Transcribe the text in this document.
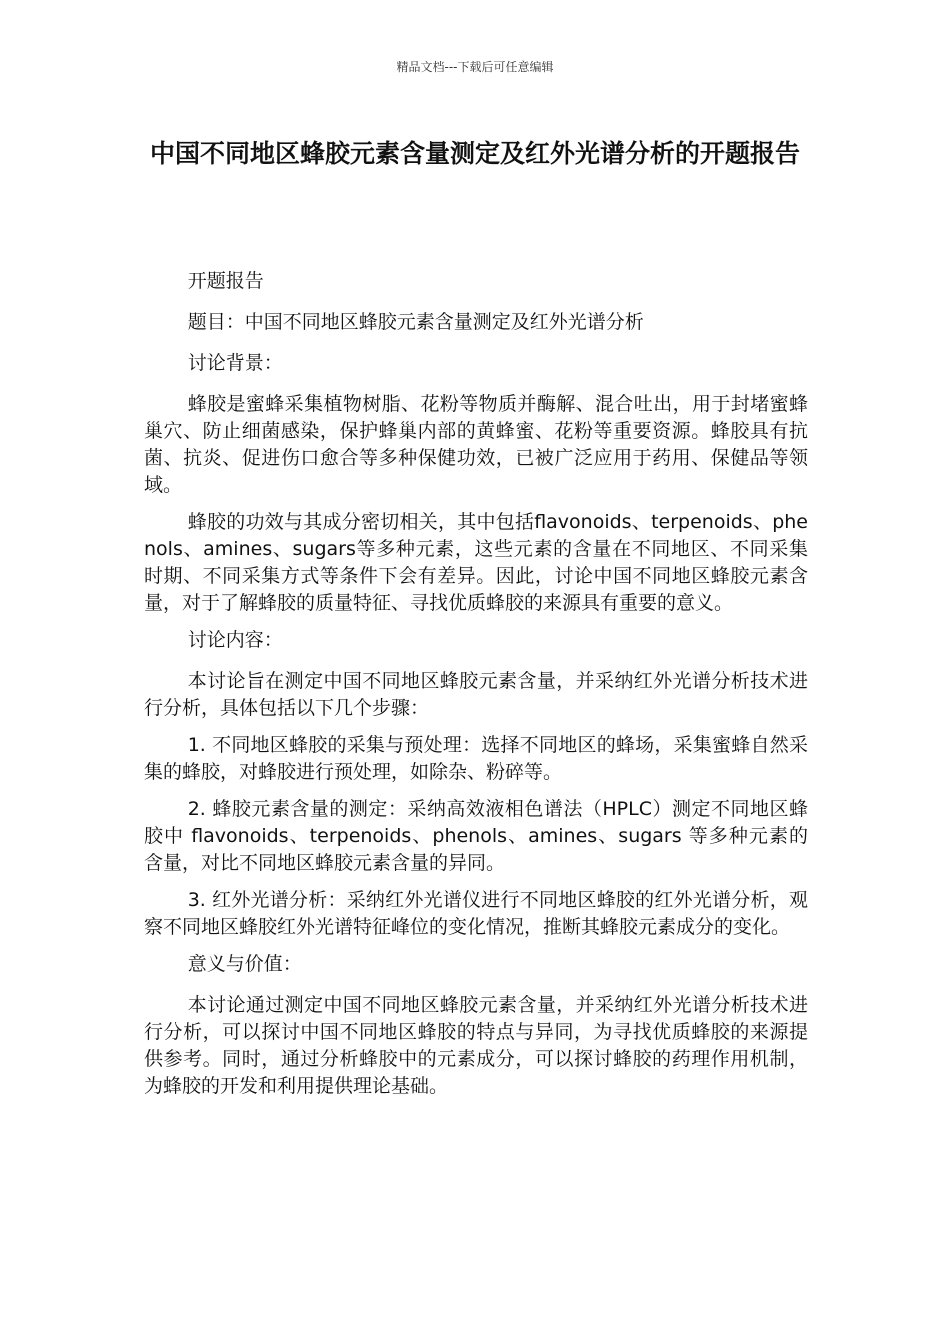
精品文档---下载后可任意编辑
中国不同地区蜂胶元素含量测定及红外光谱分析的开题报告

开题报告

题目：中国不同地区蜂胶元素含量测定及红外光谱分析

讨论背景：

蜂胶是蜜蜂采集植物树脂、花粉等物质并酶解、混合吐出，用于封堵蜜蜂巢穴、防止细菌感染，保护蜂巢内部的黄蜂蜜、花粉等重要资源。蜂胶具有抗菌、抗炎、促进伤口愈合等多种保健功效，已被广泛应用于药用、保健品等领域。

蜂胶的功效与其成分密切相关，其中包括flavonoids、terpenoids、phenols、amines、sugars等多种元素，这些元素的含量在不同地区、不同采集时期、不同采集方式等条件下会有差异。因此，讨论中国不同地区蜂胶元素含量，对于了解蜂胶的质量特征、寻找优质蜂胶的来源具有重要的意义。

讨论内容：

本讨论旨在测定中国不同地区蜂胶元素含量，并采纳红外光谱分析技术进行分析，具体包括以下几个步骤：

1. 不同地区蜂胶的采集与预处理：选择不同地区的蜂场，采集蜜蜂自然采集的蜂胶，对蜂胶进行预处理，如除杂、粉碎等。

2. 蜂胶元素含量的测定：采纳高效液相色谱法（HPLC）测定不同地区蜂胶中 flavonoids、terpenoids、phenols、amines、sugars 等多种元素的含量，对比不同地区蜂胶元素含量的异同。

3. 红外光谱分析：采纳红外光谱仪进行不同地区蜂胶的红外光谱分析，观察不同地区蜂胶红外光谱特征峰位的变化情况，推断其蜂胶元素成分的变化。

意义与价值：

本讨论通过测定中国不同地区蜂胶元素含量，并采纳红外光谱分析技术进行分析，可以探讨中国不同地区蜂胶的特点与异同，为寻找优质蜂胶的来源提供参考。同时，通过分析蜂胶中的元素成分，可以探讨蜂胶的药理作用机制，为蜂胶的开发和利用提供理论基础。
